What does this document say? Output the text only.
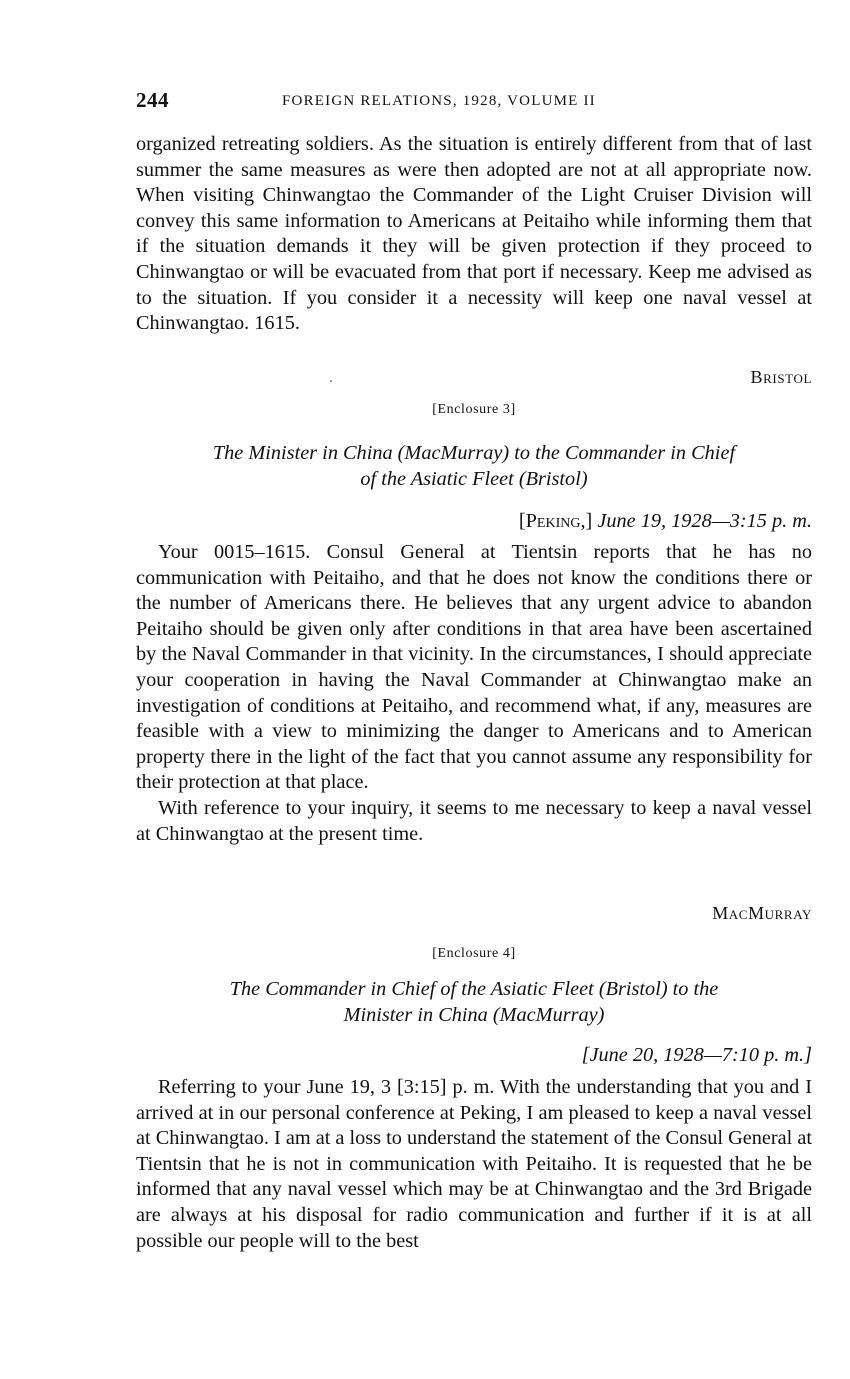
244	FOREIGN RELATIONS, 1928, VOLUME II

organized retreating soldiers. As the situation is entirely different from that of last summer the same measures as were then adopted are not at all appropriate now. When visiting Chinwangtao the Commander of the Light Cruiser Division will convey this same information to Americans at Peitaiho while informing them that if the situation demands it they will be given protection if they proceed to Chinwangtao or will be evacuated from that port if necessary. Keep me advised as to the situation. If you consider it a necessity will keep one naval vessel at Chinwangtao. 1615.

Bristol
[Enclosure 3]
The Minister in China (MacMurray) to the Commander in Chief
of the Asiatic Fleet (Bristol)
[Peking,] June 19, 1928—3:15 p. m.

Your 0015–1615. Consul General at Tientsin reports that he has no communication with Peitaiho, and that he does not know the conditions there or the number of Americans there. He believes that any urgent advice to abandon Peitaiho should be given only after conditions in that area have been ascertained by the Naval Commander in that vicinity. In the circumstances, I should appreciate your cooperation in having the Naval Commander at Chinwangtao make an investigation of conditions at Peitaiho, and recommend what, if any, measures are feasible with a view to minimizing the danger to Americans and to American property there in the light of the fact that you cannot assume any responsibility for their protection at that place.

With reference to your inquiry, it seems to me necessary to keep a naval vessel at Chinwangtao at the present time.

MacMurray
[Enclosure 4]
The Commander in Chief of the Asiatic Fleet (Bristol) to the
Minister in China (MacMurray)
[June 20, 1928—7:10 p. m.]

Referring to your June 19, 3 [3:15] p. m. With the understanding that you and I arrived at in our personal conference at Peking, I am pleased to keep a naval vessel at Chinwangtao. I am at a loss to understand the statement of the Consul General at Tientsin that he is not in communication with Peitaiho. It is requested that he be informed that any naval vessel which may be at Chinwangtao and the 3rd Brigade are always at his disposal for radio communication and further if it is at all possible our people will to the best
